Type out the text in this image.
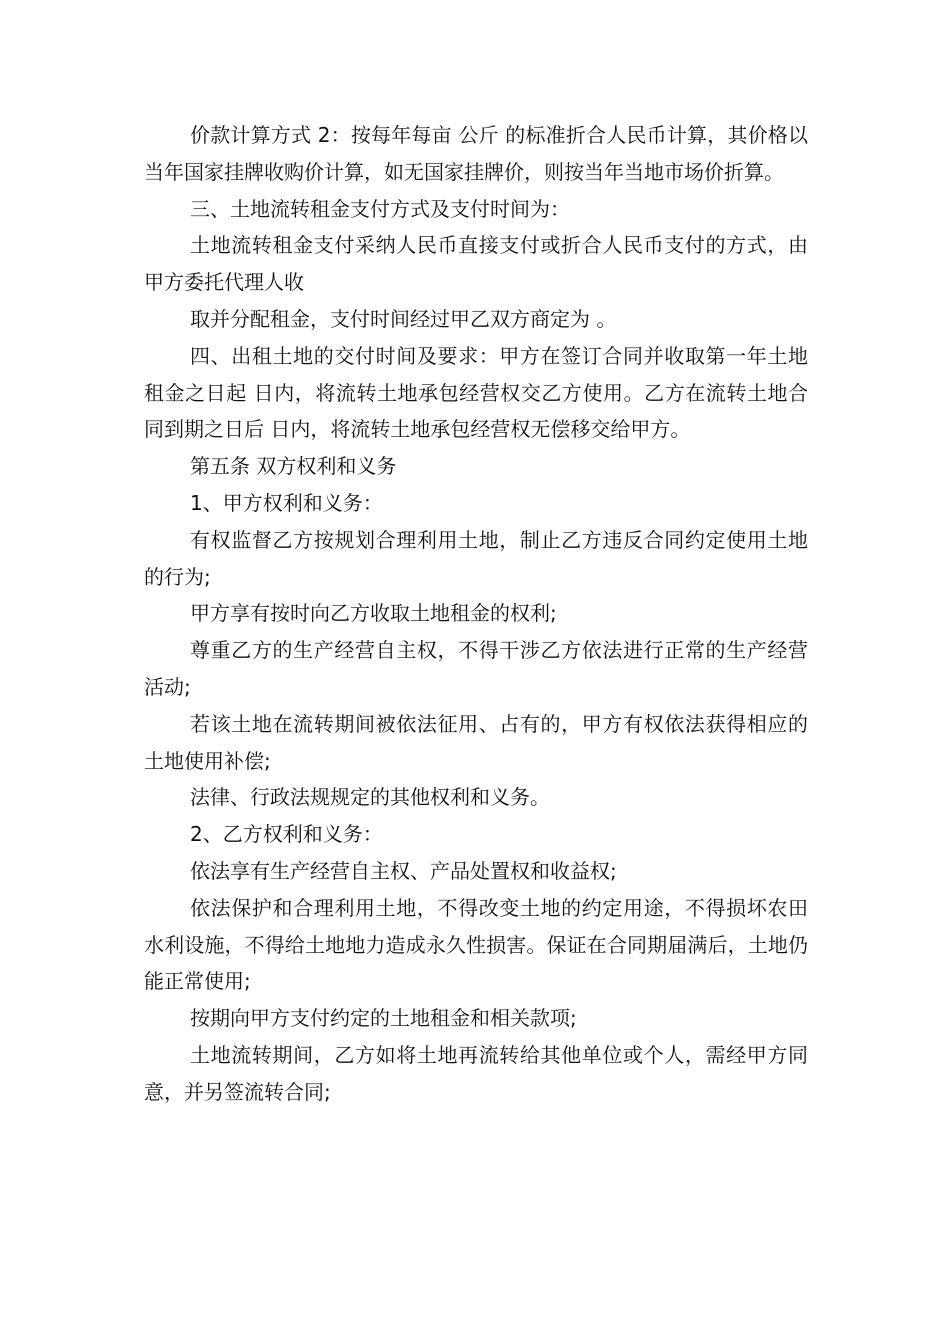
价款计算方式 2：按每年每亩 公斤 的标准折合人民币计算，其价格以当年国家挂牌收购价计算，如无国家挂牌价，则按当年当地市场价折算。

三、土地流转租金支付方式及支付时间为：

土地流转租金支付采纳人民币直接支付或折合人民币支付的方式，由甲方委托代理人收

取并分配租金，支付时间经过甲乙双方商定为 。

四、出租土地的交付时间及要求：甲方在签订合同并收取第一年土地租金之日起 日内，将流转土地承包经营权交乙方使用。乙方在流转土地合同到期之日后 日内，将流转土地承包经营权无偿移交给甲方。

第五条 双方权利和义务

1、甲方权利和义务：

有权监督乙方按规划合理利用土地，制止乙方违反合同约定使用土地的行为;

甲方享有按时向乙方收取土地租金的权利;

尊重乙方的生产经营自主权，不得干涉乙方依法进行正常的生产经营活动;

若该土地在流转期间被依法征用、占有的，甲方有权依法获得相应的土地使用补偿;

法律、行政法规规定的其他权利和义务。

2、乙方权利和义务：

依法享有生产经营自主权、产品处置权和收益权;

依法保护和合理利用土地，不得改变土地的约定用途，不得损坏农田水利设施，不得给土地地力造成永久性损害。保证在合同期届满后，土地仍能正常使用;

按期向甲方支付约定的土地租金和相关款项;

土地流转期间，乙方如将土地再流转给其他单位或个人，需经甲方同意，并另签流转合同;
